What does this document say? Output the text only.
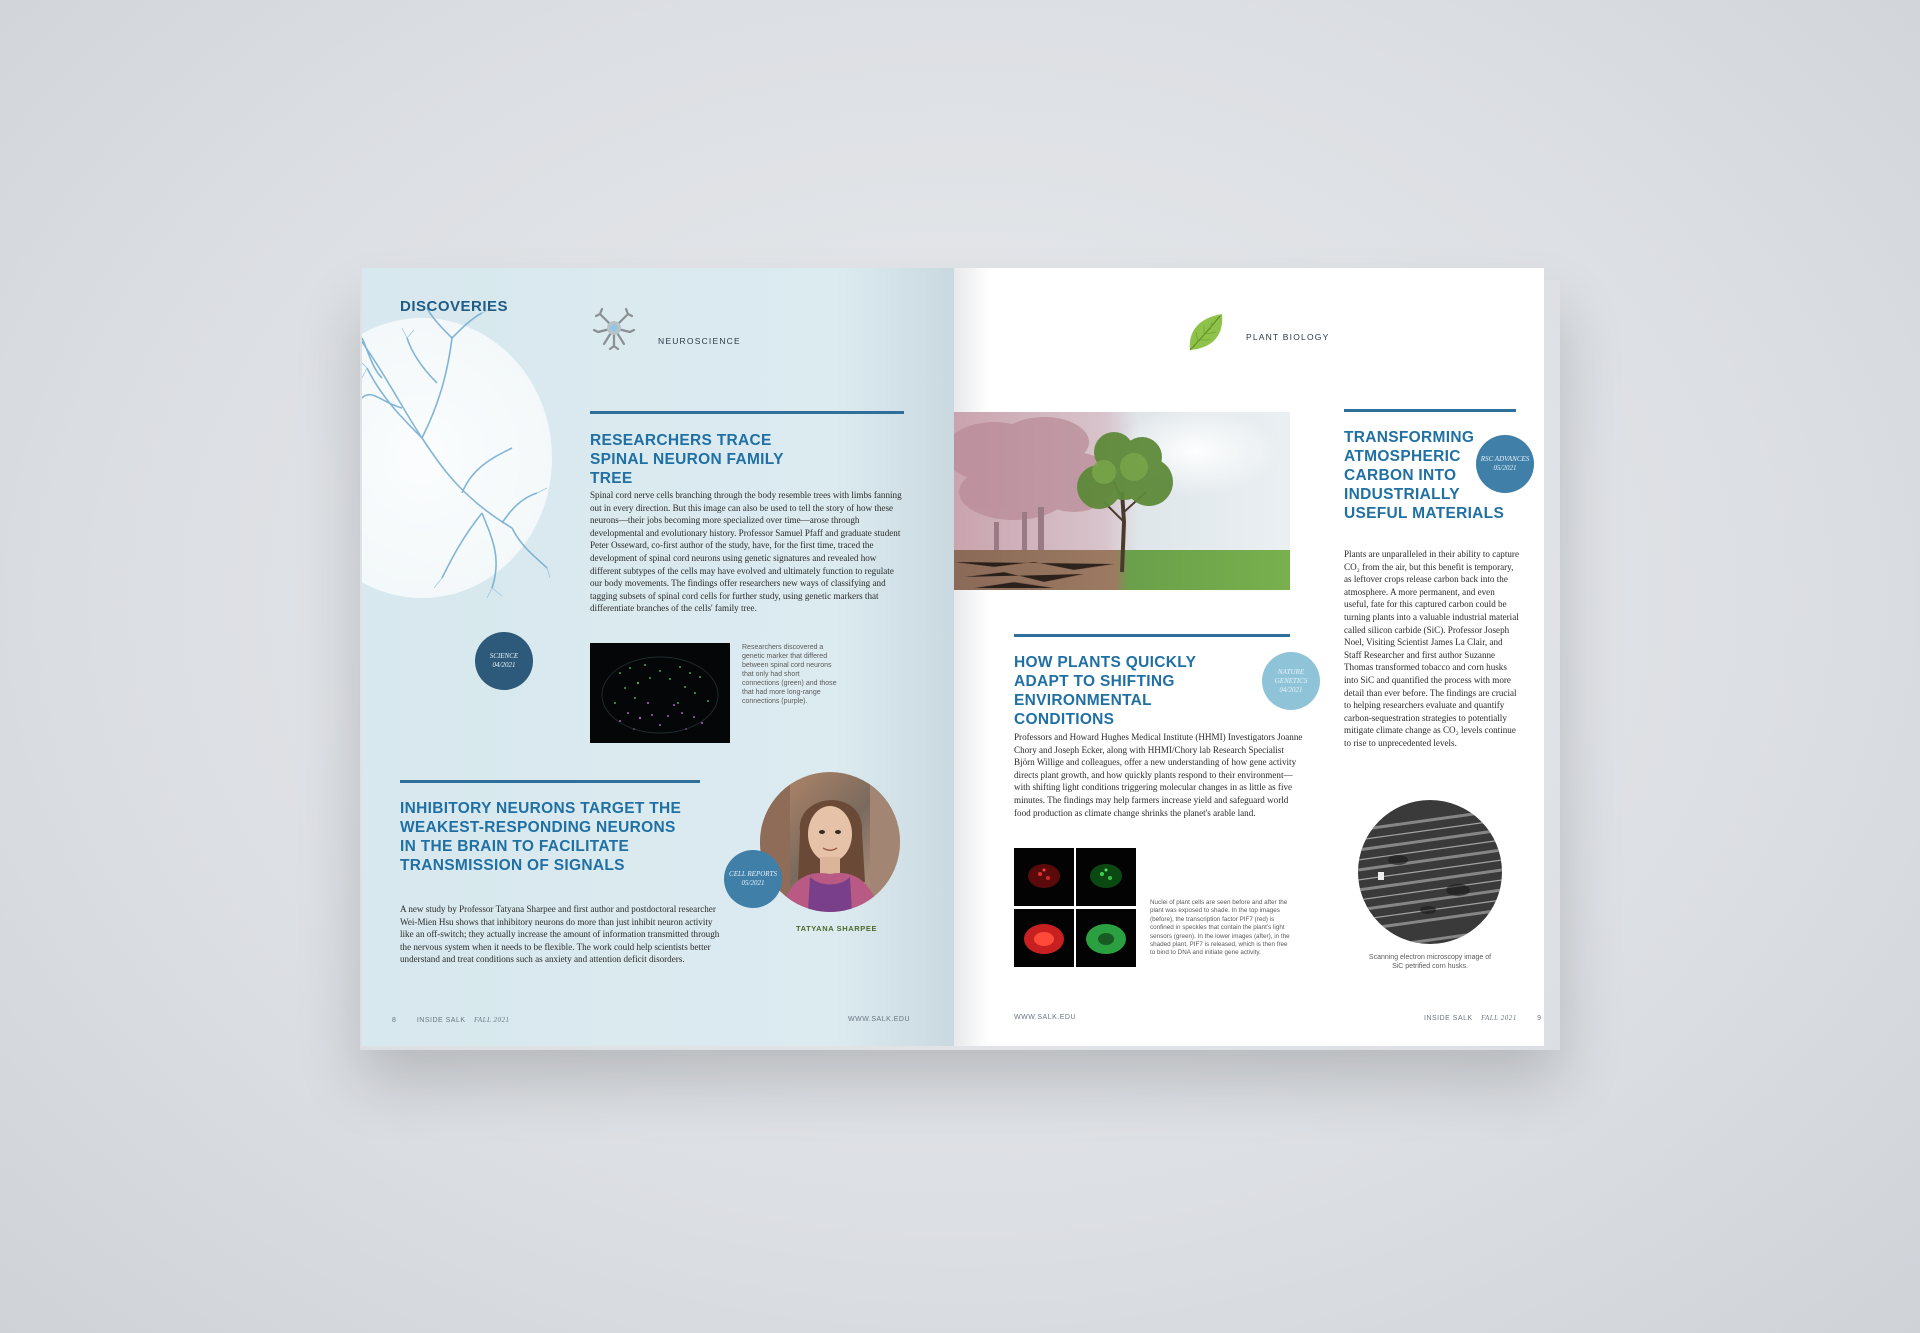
DISCOVERIES
NEUROSCIENCE
RESEARCHERS TRACE SPINAL NEURON FAMILY TREE
Spinal cord nerve cells branching through the body resemble trees with limbs fanning out in every direction. But this image can also be used to tell the story of how these neurons—their jobs becoming more specialized over time—arose through developmental and evolutionary history. Professor Samuel Pfaff and graduate student Peter Osseward, co-first author of the study, have, for the first time, traced the development of spinal cord neurons using genetic signatures and revealed how different subtypes of the cells may have evolved and ultimately function to regulate our body movements. The findings offer researchers new ways of classifying and tagging subsets of spinal cord cells for further study, using genetic markers that differentiate branches of the cells' family tree.
SCIENCE
04/2021
Researchers discovered a genetic marker that differed between spinal cord neurons that only had short connections (green) and those that had more long-range connections (purple).
INHIBITORY NEURONS TARGET THE WEAKEST-RESPONDING NEURONS IN THE BRAIN TO FACILITATE TRANSMISSION OF SIGNALS
A new study by Professor Tatyana Sharpee and first author and postdoctoral researcher Wei-Mien Hsu shows that inhibitory neurons do more than just inhibit neuron activity like an off-switch; they actually increase the amount of information transmitted through the nervous system when it needs to be flexible. The work could help scientists better understand and treat conditions such as anxiety and attention deficit disorders.
CELL REPORTS
05/2021
TATYANA SHARPEE
8	INSIDE SALK FALL 2021	WWW.SALK.EDU
PLANT BIOLOGY
HOW PLANTS QUICKLY ADAPT TO SHIFTING ENVIRONMENTAL CONDITIONS
NATURE GENETICS
04/2021
Professors and Howard Hughes Medical Institute (HHMI) Investigators Joanne Chory and Joseph Ecker, along with HHMI/Chory lab Research Specialist Björn Willige and colleagues, offer a new understanding of how gene activity directs plant growth, and how quickly plants respond to their environment—with shifting light conditions triggering molecular changes in as little as five minutes. The findings may help farmers increase yield and safeguard world food production as climate change shrinks the planet's arable land.
Nuclei of plant cells are seen before and after the plant was exposed to shade. In the top images (before), the transcription factor PIF7 (red) is confined in speckles that contain the plant's light sensors (green). In the lower images (after), in the shaded plant, PIF7 is released, which is then free to bind to DNA and initiate gene activity.
TRANSFORMING ATMOSPHERIC CARBON INTO INDUSTRIALLY USEFUL MATERIALS
RSC ADVANCES
05/2021
Plants are unparalleled in their ability to capture CO₂ from the air, but this benefit is temporary, as leftover crops release carbon back into the atmosphere. A more permanent, and even useful, fate for this captured carbon could be turning plants into a valuable industrial material called silicon carbide (SiC). Professor Joseph Noel, Visiting Scientist James La Clair, and Staff Researcher and first author Suzanne Thomas transformed tobacco and corn husks into SiC and quantified the process with more detail than ever before. The findings are crucial to helping researchers evaluate and quantify carbon-sequestration strategies to potentially mitigate climate change as CO₂ levels continue to rise to unprecedented levels.
Scanning electron microscopy image of SiC petrified corn husks.
WWW.SALK.EDU	INSIDE SALK FALL 2021	9
